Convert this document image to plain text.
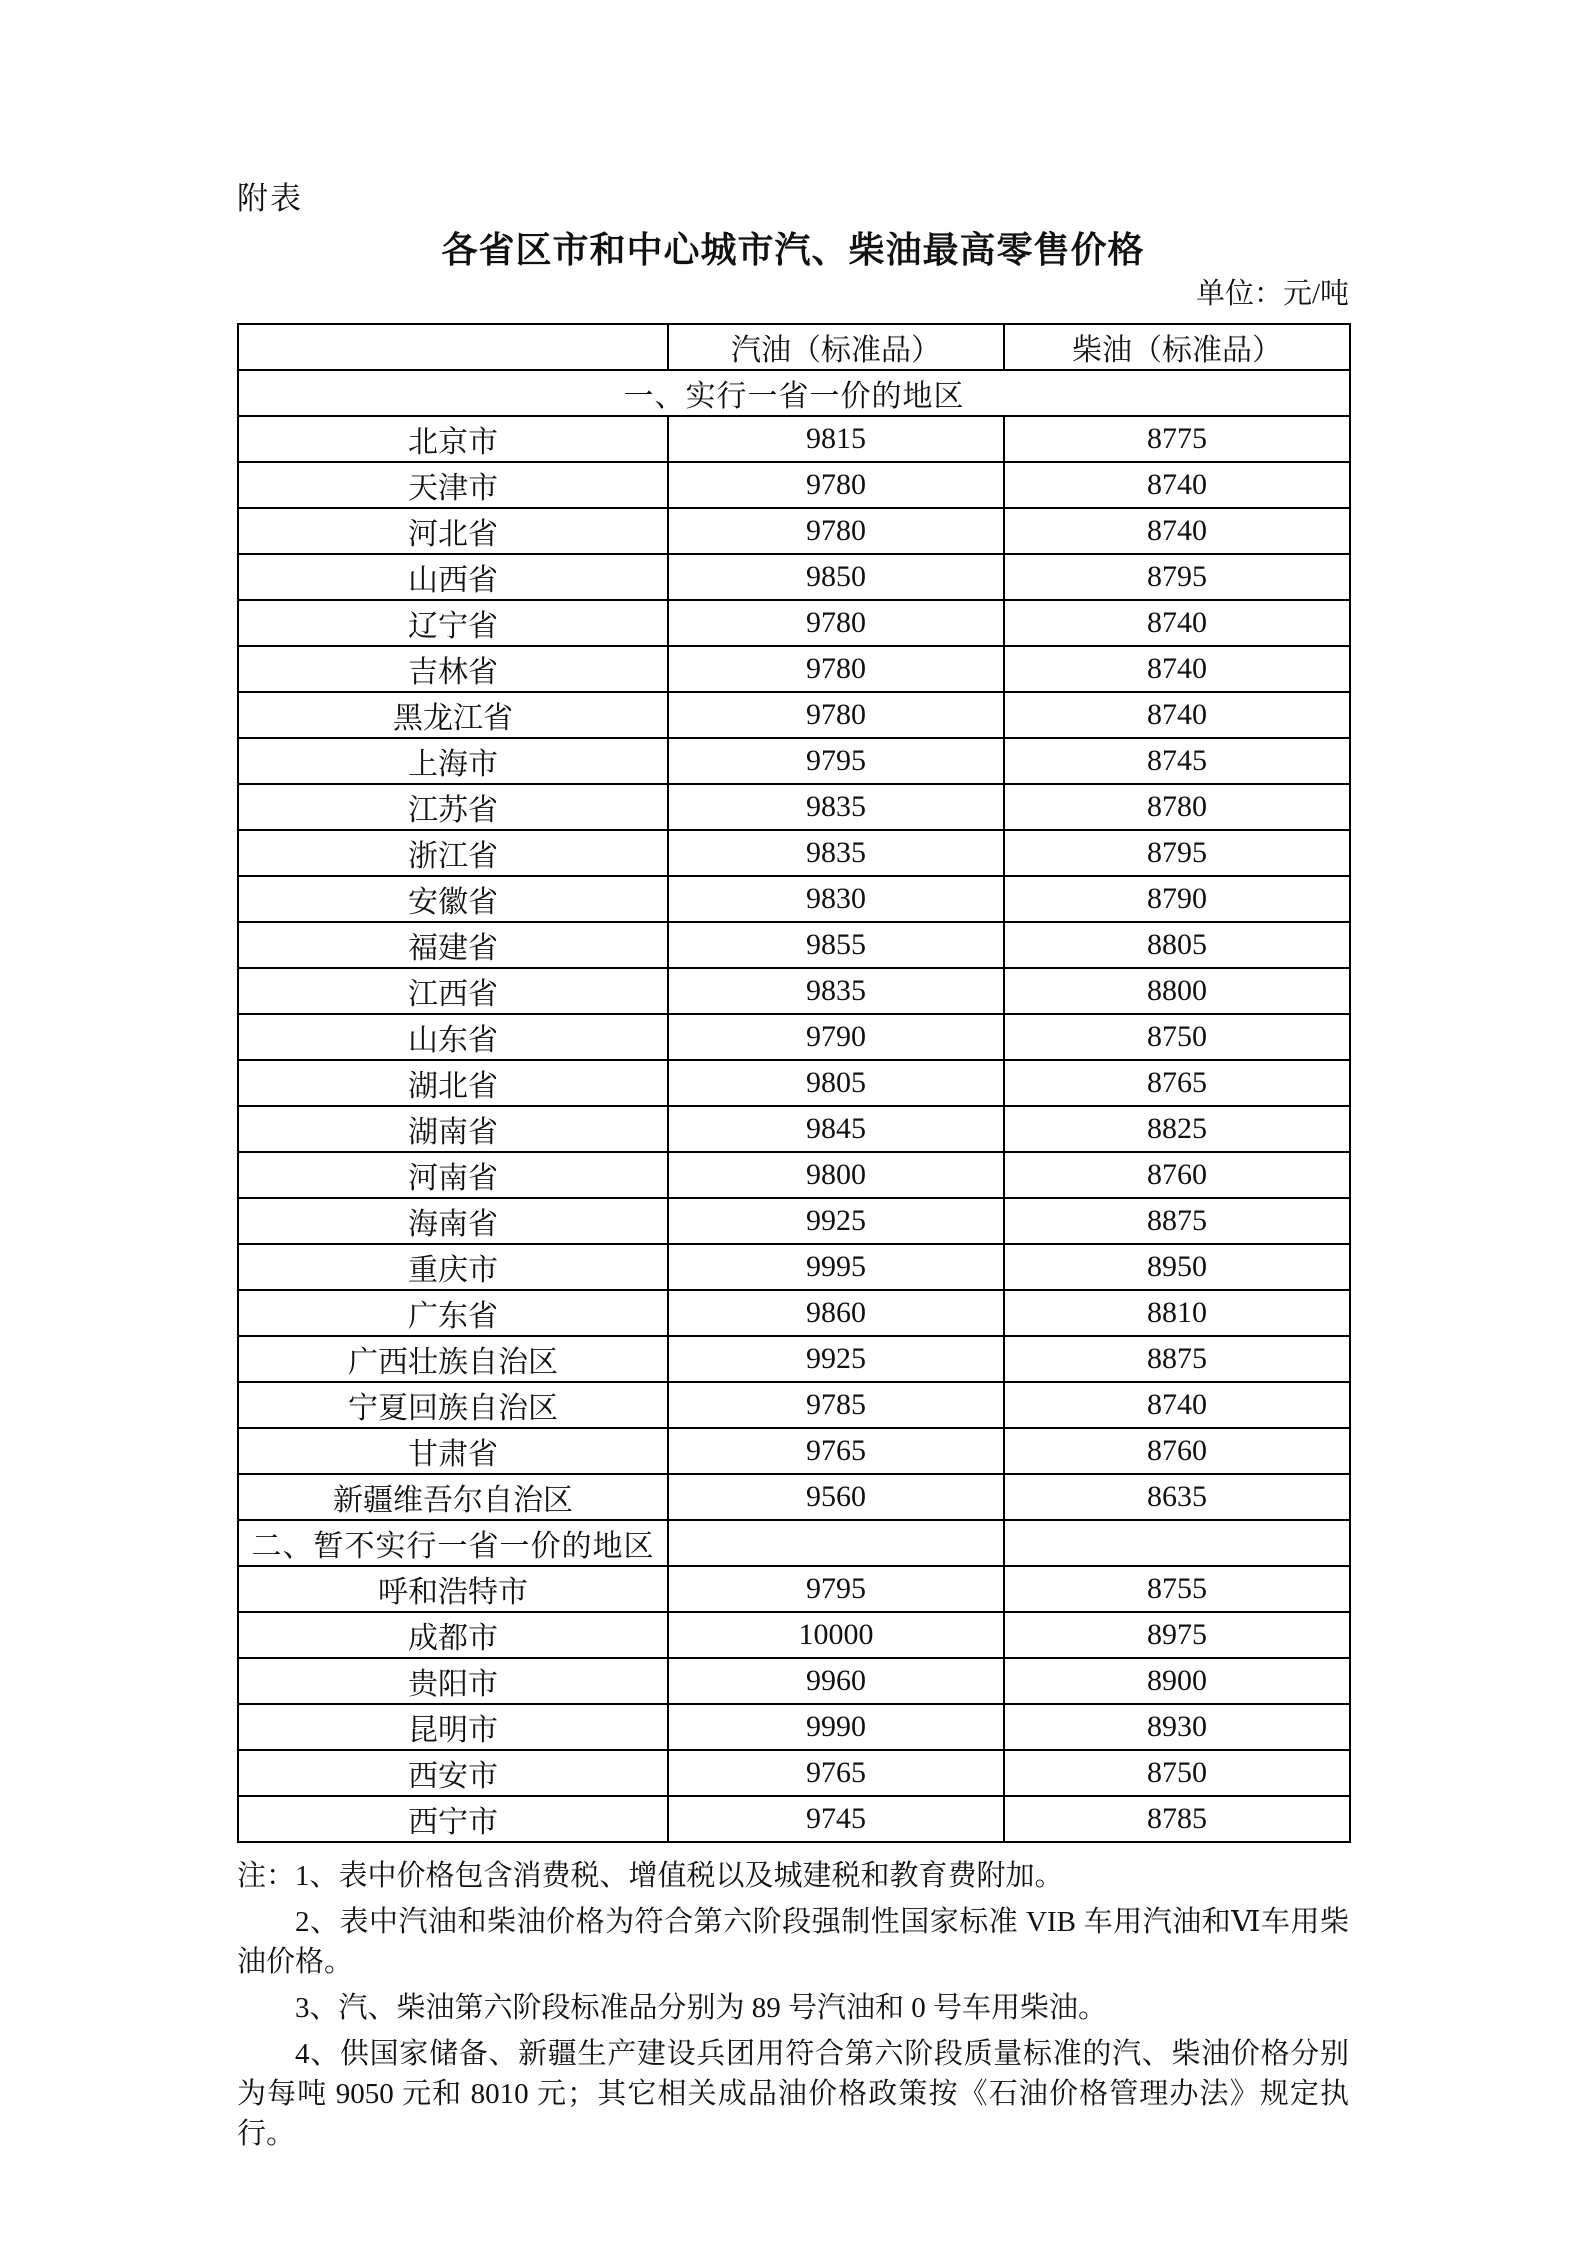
附表
各省区市和中心城市汽、柴油最高零售价格
单位：元/吨
	汽油（标准品）	柴油（标准品）
一、实行一省一价的地区		
北京市	9815	8775
天津市	9780	8740
河北省	9780	8740
山西省	9850	8795
辽宁省	9780	8740
吉林省	9780	8740
黑龙江省	9780	8740
上海市	9795	8745
江苏省	9835	8780
浙江省	9835	8795
安徽省	9830	8790
福建省	9855	8805
江西省	9835	8800
山东省	9790	8750
湖北省	9805	8765
湖南省	9845	8825
河南省	9800	8760
海南省	9925	8875
重庆市	9995	8950
广东省	9860	8810
广西壮族自治区	9925	8875
宁夏回族自治区	9785	8740
甘肃省	9765	8760
新疆维吾尔自治区	9560	8635
二、暂不实行一省一价的地区		
呼和浩特市	9795	8755
成都市	10000	8975
贵阳市	9960	8900
昆明市	9990	8930
西安市	9765	8750
西宁市	9745	8785

注：1、表中价格包含消费税、增值税以及城建税和教育费附加。

2、表中汽油和柴油价格为符合第六阶段强制性国家标准 VIB 车用汽油和Ⅵ车用柴油价格。

3、汽、柴油第六阶段标准品分别为 89 号汽油和 0 号车用柴油。

4、供国家储备、新疆生产建设兵团用符合第六阶段质量标准的汽、柴油价格分别为每吨 9050 元和 8010 元；其它相关成品油价格政策按《石油价格管理办法》规定执行。
